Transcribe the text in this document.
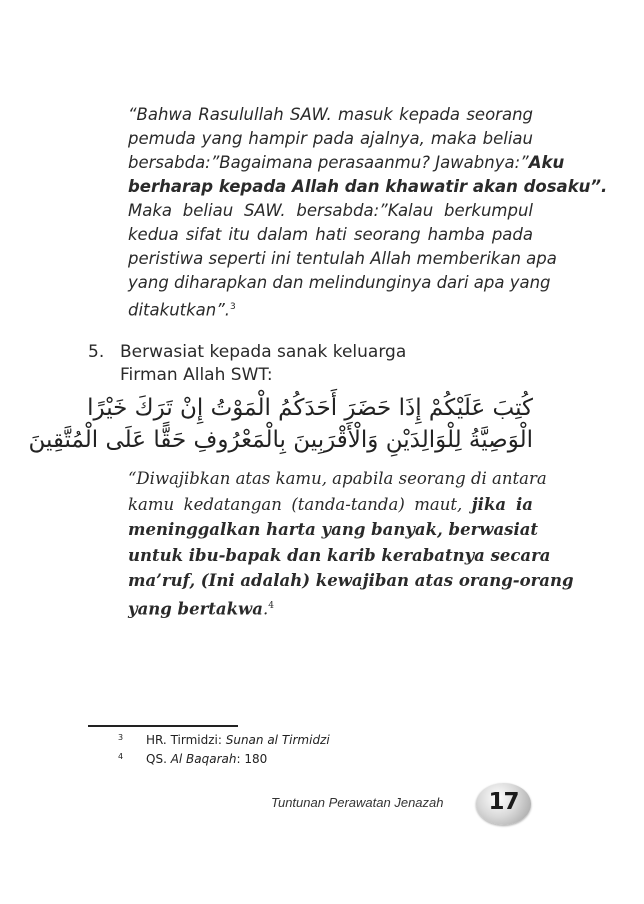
“Bahwa Rasulullah SAW. masuk kepada seorang
pemuda yang hampir pada ajalnya, maka beliau
bersabda:”Bagaimana perasaanmu? Jawabnya:”Aku
berharap kepada Allah dan khawatir akan dosaku”.
Maka beliau SAW. bersabda:”Kalau berkumpul
kedua sifat itu dalam hati seorang hamba pada
peristiwa seperti ini tentulah Allah memberikan apa
yang diharapkan dan melindunginya dari apa yang
ditakutkan”.$^3$
5. Berwasiat kepada sanak keluarga
Firman Allah SWT:
كُتِبَ عَلَيْكُمْ إِذَا حَضَرَ أَحَدَكُمُ الْمَوْتُ إِنْ تَرَكَ خَيْرًا
الْوَصِيَّةُ لِلْوَالِدَيْنِ وَالْأَقْرَبِينَ بِالْمَعْرُوفِ حَقًّا عَلَى الْمُتَّقِينَ
“Diwajibkan atas kamu, apabila seorang di antara
kamu kedatangan (tanda-tanda) maut, jika ia
meninggalkan harta yang banyak, berwasiat
untuk ibu-bapak dan karib kerabatnya secara
ma’ruf, (Ini adalah) kewajiban atas orang-orang
yang bertakwa.$^4$
3 HR. Tirmidzi: Sunan al Tirmidzi
4 QS. Al Baqarah: 180
Tuntunan Perawatan Jenazah	17
